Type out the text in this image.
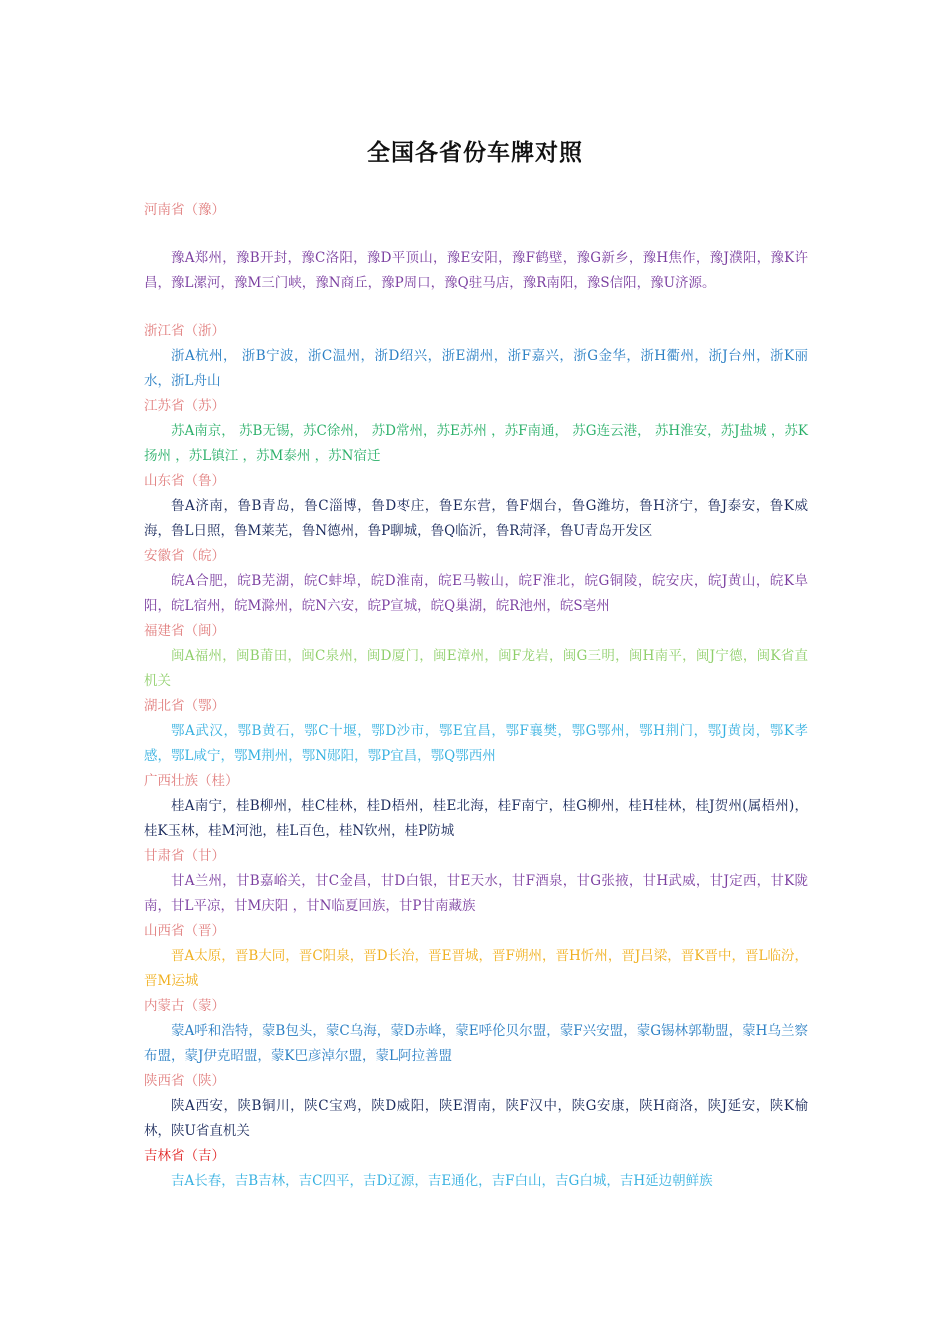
全国各省份车牌对照
河南省（豫）
豫A郑州，豫B开封，豫C洛阳，豫D平顶山，豫E安阳，豫F鹤壁，豫G新乡，豫H焦作，豫J濮阳，豫K许昌，豫L漯河，豫M三门峡，豫N商丘，豫P周口，豫Q驻马店，豫R南阳，豫S信阳，豫U济源。
浙江省（浙）
浙A杭州， 浙B宁波，浙C温州，浙D绍兴，浙E湖州，浙F嘉兴，浙G金华，浙H衢州，浙J台州，浙K丽水，浙L舟山
江苏省（苏）
苏A南京， 苏B无锡，苏C徐州， 苏D常州，苏E苏州 ，苏F南通， 苏G连云港， 苏H淮安，苏J盐城 ，苏K扬州 ，苏L镇江 ，苏M泰州 ，苏N宿迁
山东省（鲁）
鲁A济南，鲁B青岛，鲁C淄博，鲁D枣庄，鲁E东营，鲁F烟台，鲁G潍坊，鲁H济宁，鲁J泰安，鲁K威海，鲁L日照，鲁M莱芜，鲁N德州，鲁P聊城，鲁Q临沂，鲁R菏泽，鲁U青岛开发区
安徽省（皖）
皖A合肥，皖B芜湖，皖C蚌埠，皖D淮南，皖E马鞍山，皖F淮北，皖G铜陵，皖安庆，皖J黄山，皖K阜阳，皖L宿州，皖M滁州，皖N六安，皖P宣城，皖Q巢湖，皖R池州，皖S亳州
福建省（闽）
闽A福州，闽B莆田，闽C泉州，闽D厦门，闽E漳州，闽F龙岩，闽G三明，闽H南平，闽J宁德，闽K省直机关
湖北省（鄂）
鄂A武汉，鄂B黄石，鄂C十堰，鄂D沙市，鄂E宜昌，鄂F襄樊，鄂G鄂州，鄂H荆门，鄂J黄岗，鄂K孝感，鄂L咸宁，鄂M荆州，鄂N郧阳，鄂P宜昌，鄂Q鄂西州
广西壮族（桂）
桂A南宁，桂B柳州，桂C桂林，桂D梧州，桂E北海，桂F南宁，桂G柳州，桂H桂林，桂J贺州(属梧州)，桂K玉林，桂M河池，桂L百色，桂N钦州，桂P防城
甘肃省（甘）
甘A兰州，甘B嘉峪关，甘C金昌，甘D白银，甘E天水，甘F酒泉，甘G张掖，甘H武威，甘J定西，甘K陇南，甘L平凉，甘M庆阳 ，甘N临夏回族，甘P甘南藏族
山西省（晋）
晋A太原，晋B大同，晋C阳泉，晋D长治，晋E晋城，晋F朔州，晋H忻州，晋J吕梁，晋K晋中，晋L临汾，晋M运城
内蒙古（蒙）
蒙A呼和浩特，蒙B包头，蒙C乌海，蒙D赤峰，蒙E呼伦贝尔盟，蒙F兴安盟，蒙G锡林郭勒盟，蒙H乌兰察布盟，蒙J伊克昭盟，蒙K巴彦淖尔盟，蒙L阿拉善盟
陕西省（陕）
陕A西安，陕B铜川，陕C宝鸡，陕D威阳，陕E渭南，陕F汉中，陕G安康，陕H商洛，陕J延安，陕K榆林，陕U省直机关
吉林省（吉）
吉A长春，吉B吉林，吉C四平，吉D辽源，吉E通化，吉F白山，吉G白城，吉H延边朝鲜族
